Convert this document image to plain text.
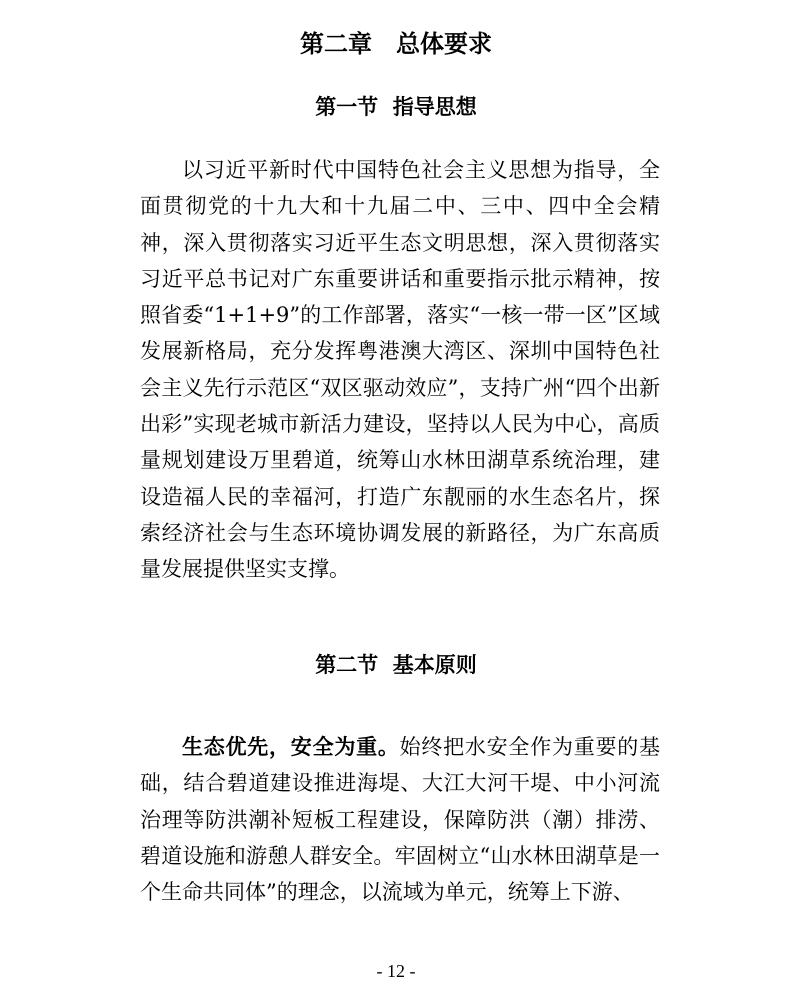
第二章　总体要求
第一节  指导思想

以习近平新时代中国特色社会主义思想为指导，全面贯彻党的十九大和十九届二中、三中、四中全会精神，深入贯彻落实习近平生态文明思想，深入贯彻落实习近平总书记对广东重要讲话和重要指示批示精神，按照省委“1+1+9”的工作部署，落实“一核一带一区”区域发展新格局，充分发挥粤港澳大湾区、深圳中国特色社会主义先行示范区“双区驱动效应”，支持广州“四个出新出彩”实现老城市新活力建设，坚持以人民为中心，高质量规划建设万里碧道，统筹山水林田湖草系统治理，建设造福人民的幸福河，打造广东靓丽的水生态名片，探索经济社会与生态环境协调发展的新路径，为广东高质量发展提供坚实支撑。

第二节  基本原则

生态优先，安全为重。始终把水安全作为重要的基础，结合碧道建设推进海堤、大江大河干堤、中小河流治理等防洪潮补短板工程建设，保障防洪（潮）排涝、碧道设施和游憩人群安全。牢固树立“山水林田湖草是一个生命共同体”的理念，以流域为单元，统筹上下游、

- 12 -
